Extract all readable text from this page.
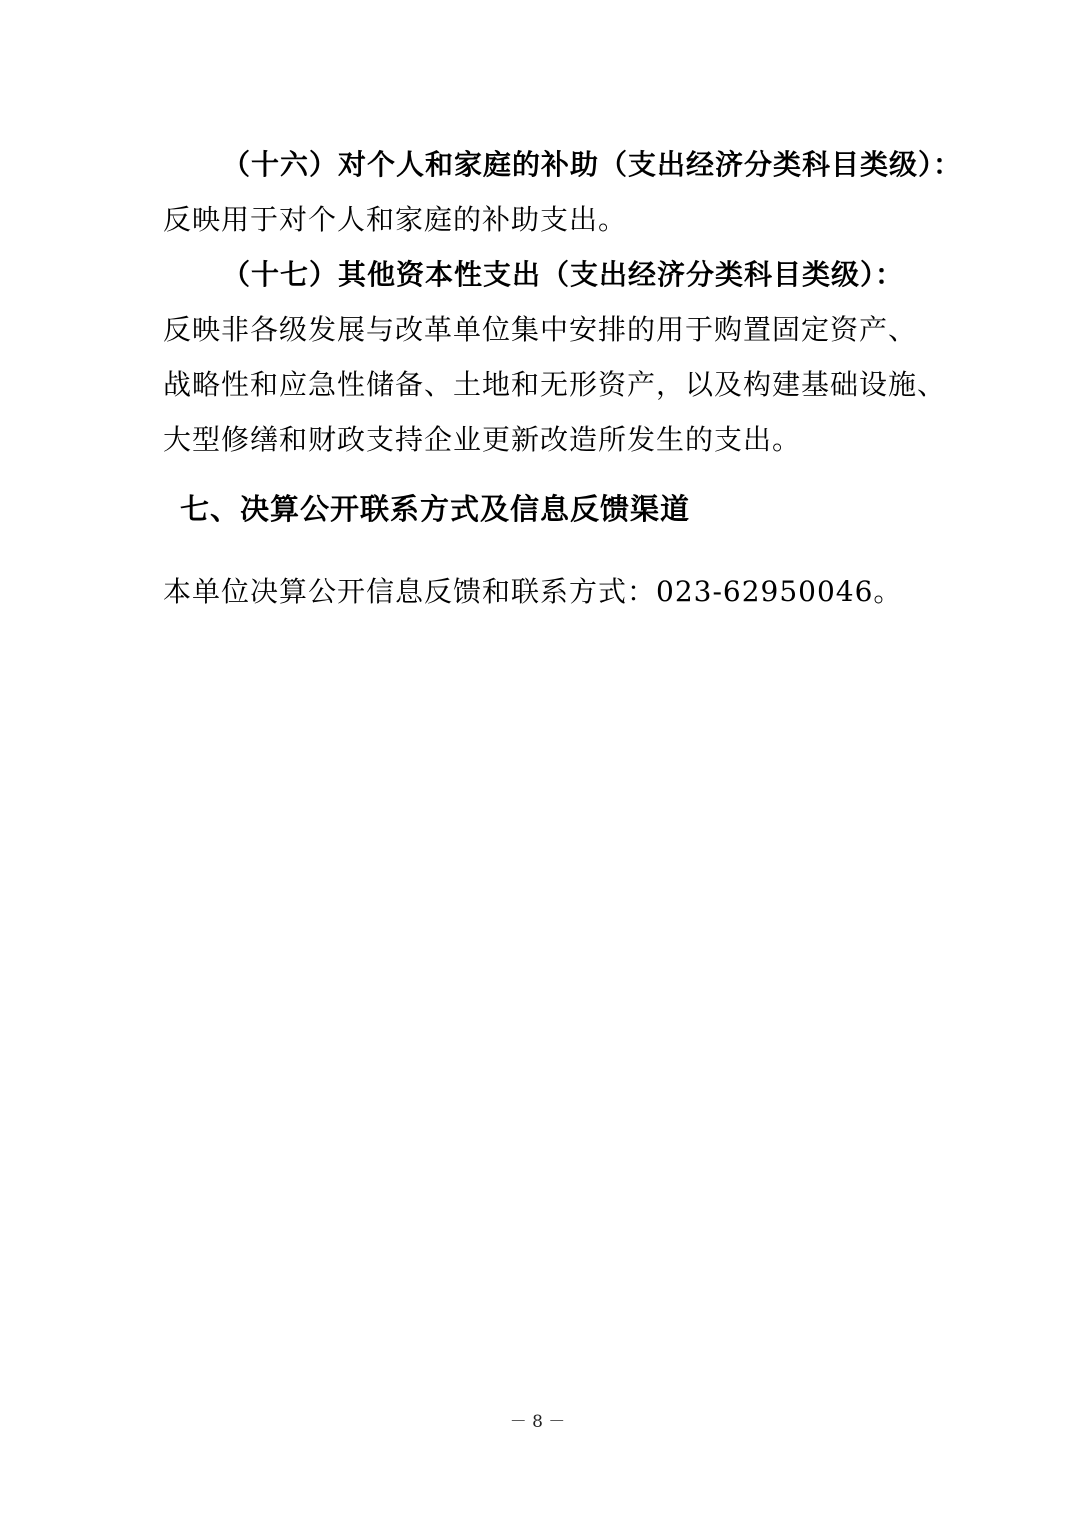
（十六）对个人和家庭的补助（支出经济分类科目类级）：
反映用于对个人和家庭的补助支出。
（十七）其他资本性支出（支出经济分类科目类级）：
反映非各级发展与改革单位集中安排的用于购置固定资产、
战略性和应急性储备、土地和无形资产，以及构建基础设施、
大型修缮和财政支持企业更新改造所发生的支出。
七、决算公开联系方式及信息反馈渠道
本单位决算公开信息反馈和联系方式：023-62950046。
－ 8 －
